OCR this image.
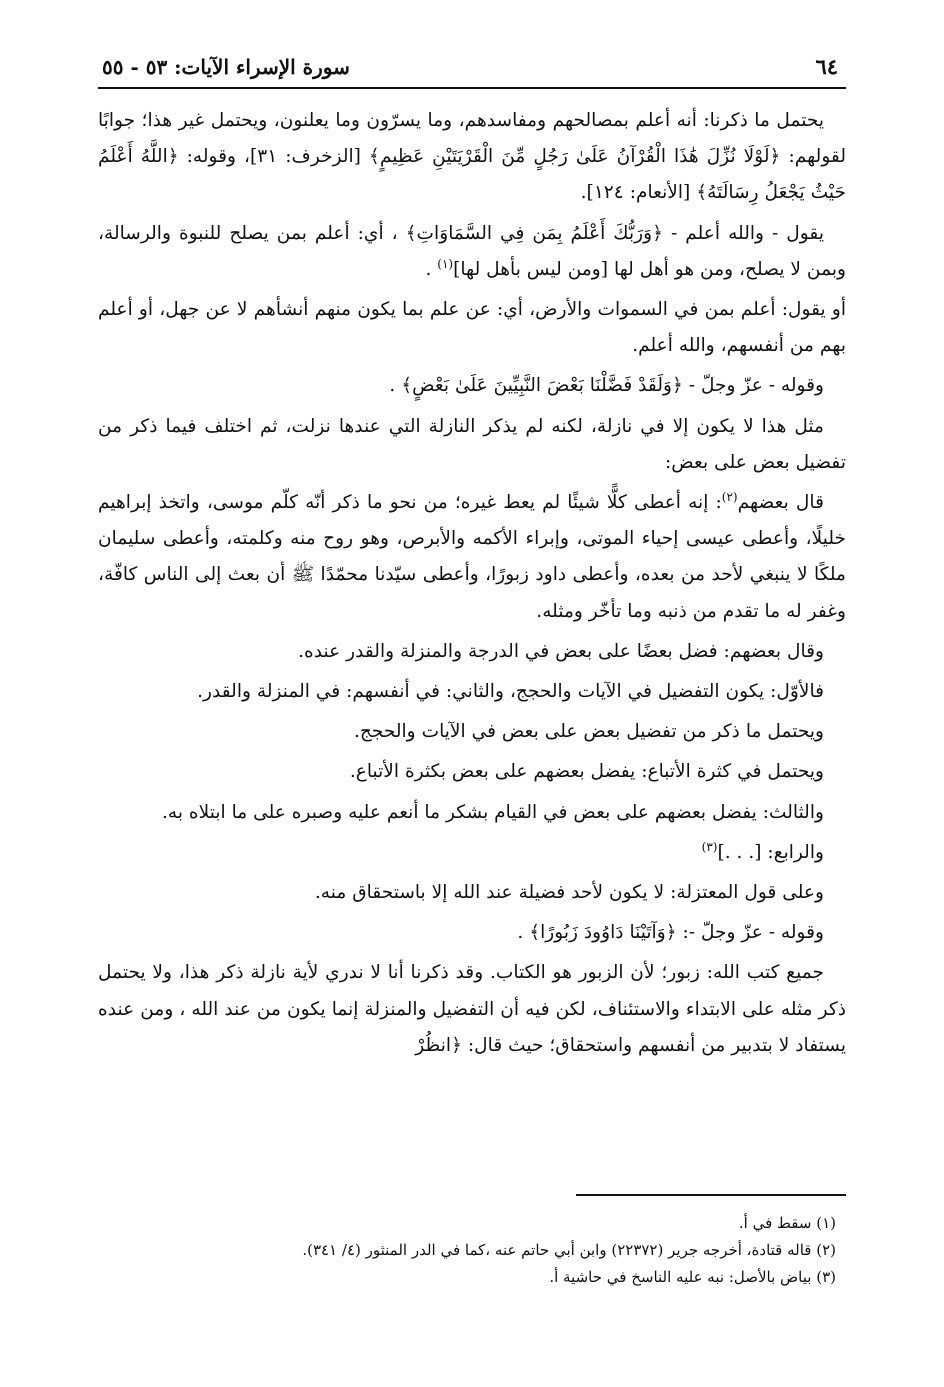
٦٤
سورة الإسراء الآيات: ٥٣ - ٥٥

يحتمل ما ذكرنا: أنه أعلم بمصالحهم ومفاسدهم، وما يسرّون وما يعلنون، ويحتمل غير هذا؛ جوابًا لقولهم: ﴿لَوْلَا نُزِّلَ هَٰذَا الْقُرْآنُ عَلَىٰ رَجُلٍ مِّنَ الْقَرْيَتَيْنِ عَظِيمٍ﴾ [الزخرف: ٣١]، وقوله: ﴿اللَّهُ أَعْلَمُ حَيْثُ يَجْعَلُ رِسَالَتَهُ﴾ [الأنعام: ١٢٤].

يقول - والله أعلم - ﴿وَرَبُّكَ أَعْلَمُ بِمَن فِي السَّمَاوَاتِ﴾ ، أي: أعلم بمن يصلح للنبوة والرسالة، وبمن لا يصلح، ومن هو أهل لها [ومن ليس بأهل لها]$^{(١)}$ .

أو يقول: أعلم بمن في السموات والأرض، أي: عن علم بما يكون منهم أنشأهم لا عن جهل، أو أعلم بهم من أنفسهم، والله أعلم.

وقوله - عزّ وجلّ - ﴿وَلَقَدْ فَضَّلْنَا بَعْضَ النَّبِيِّينَ عَلَىٰ بَعْضٍ﴾ .

مثل هذا لا يكون إلا في نازلة، لكنه لم يذكر النازلة التي عندها نزلت، ثم اختلف فيما ذكر من تفضيل بعض على بعض:

قال بعضهم$^{(٢)}$: إنه أعطى كلًّا شيئًا لم يعط غيره؛ من نحو ما ذكر أنّه كلّم موسى، واتخذ إبراهيم خليلًا، وأعطى عيسى إحياء الموتى، وإبراء الأكمه والأبرص، وهو روح منه وكلمته، وأعطى سليمان ملكًا لا ينبغي لأحد من بعده، وأعطى داود زبورًا، وأعطى سيّدنا محمّدًا ﷺ أن بعث إلى الناس كافّة، وغفر له ما تقدم من ذنبه وما تأخّر ومثله.

وقال بعضهم: فضل بعضًا على بعض في الدرجة والمنزلة والقدر عنده.

فالأوّل: يكون التفضيل في الآيات والحجج، والثاني: في أنفسهم: في المنزلة والقدر.

ويحتمل ما ذكر من تفضيل بعض على بعض في الآيات والحجج.

ويحتمل في كثرة الأتباع: يفضل بعضهم على بعض بكثرة الأتباع.

والثالث: يفضل بعضهم على بعض في القيام بشكر ما أنعم عليه وصبره على ما ابتلاه به.

والرابع: [. . .]$^{(٣)}$

وعلى قول المعتزلة: لا يكون لأحد فضيلة عند الله إلا باستحقاق منه.

وقوله - عزّ وجلّ -: ﴿وَآتَيْنَا دَاوُودَ زَبُورًا﴾ .

جميع كتب الله: زبور؛ لأن الزبور هو الكتاب. وقد ذكرنا أنا لا ندري لأية نازلة ذكر هذا، ولا يحتمل ذكر مثله على الابتداء والاستئناف، لكن فيه أن التفضيل والمنزلة إنما يكون من عند الله ، ومن عنده يستفاد لا بتدبير من أنفسهم واستحقاق؛ حيث قال: ﴿انظُرْ

(١) سقط في أ.

(٢) قاله قتادة، أخرجه جرير (٢٢٣٧٢) وابن أبي حاتم عنه ،كما في الدر المنثور (٤/ ٣٤١).

(٣) بياض بالأصل: نبه عليه الناسخ في حاشية أ.
